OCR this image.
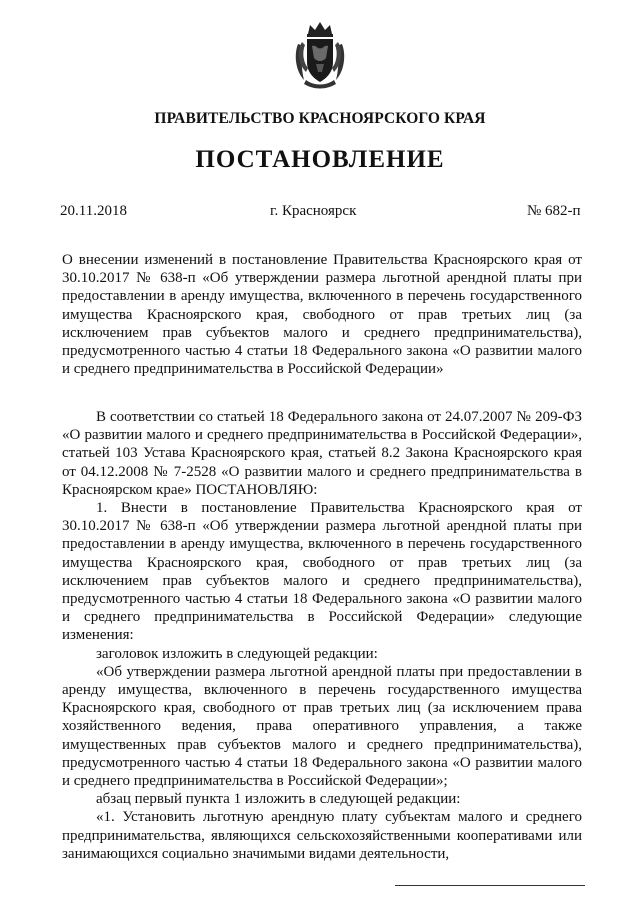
ПРАВИТЕЛЬСТВО КРАСНОЯРСКОГО КРАЯ
ПОСТАНОВЛЕНИЕ
20.11.2018	г. Красноярск	№ 682-п

О внесении изменений в постановление Правительства Красноярского края от 30.10.2017 № 638-п «Об утверждении размера льготной арендной платы при предоставлении в аренду имущества, включенного в перечень государственного имущества Красноярского края, свободного от прав третьих лиц (за исключением прав субъектов малого и среднего предпринимательства), предусмотренного частью 4 статьи 18 Федерального закона «О развитии малого и среднего предпринимательства в Российской Федерации»

В соответствии со статьей 18 Федерального закона от 24.07.2007 № 209-ФЗ «О развитии малого и среднего предпринимательства в Российской Федерации», статьей 103 Устава Красноярского края, статьей 8.2 Закона Красноярского края от 04.12.2008 № 7-2528 «О развитии малого и среднего предпринимательства в Красноярском крае» ПОСТАНОВЛЯЮ:

1. Внести в постановление Правительства Красноярского края от 30.10.2017 № 638-п «Об утверждении размера льготной арендной платы при предоставлении в аренду имущества, включенного в перечень государственного имущества Красноярского края, свободного от прав третьих лиц (за исключением прав субъектов малого и среднего предпринимательства), предусмотренного частью 4 статьи 18 Федерального закона «О развитии малого и среднего предпринимательства в Российской Федерации» следующие изменения:

заголовок изложить в следующей редакции:

«Об утверждении размера льготной арендной платы при предоставлении в аренду имущества, включенного в перечень государственного имущества Красноярского края, свободного от прав третьих лиц (за исключением права хозяйственного ведения, права оперативного управления, а также имущественных прав субъектов малого и среднего предпринимательства), предусмотренного частью 4 статьи 18 Федерального закона «О развитии малого и среднего предпринимательства в Российской Федерации»;

абзац первый пункта 1 изложить в следующей редакции:

«1. Установить льготную арендную плату субъектам малого и среднего предпринимательства, являющихся сельскохозяйственными кооперативами или занимающихся социально значимыми видами деятельности,
